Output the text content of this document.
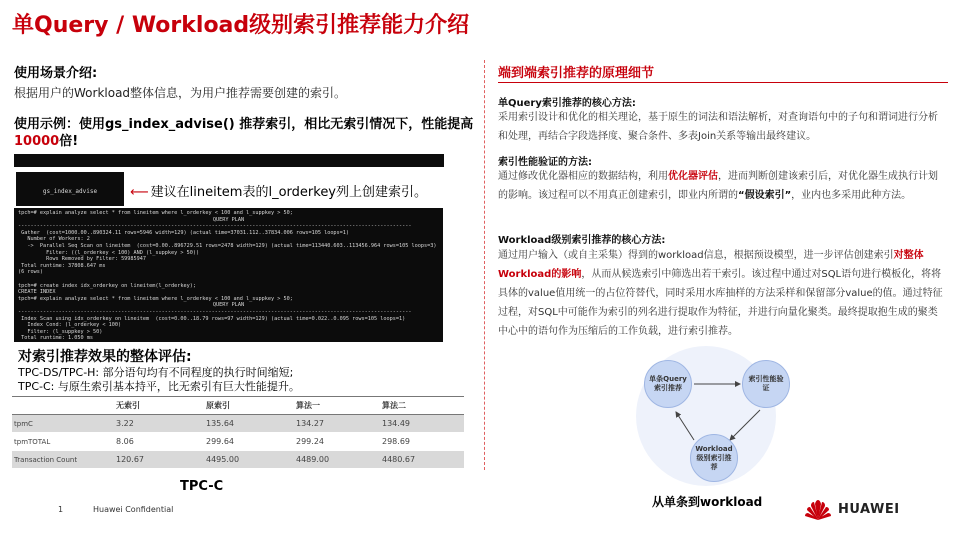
单Query / Workload级别索引推荐能力介绍
使用场景介绍:
根据用户的Workload整体信息，为用户推荐需要创建的索引。
使用示例：使用gs_index_advise() 推荐索引，相比无索引情况下，性能提高10000倍!

gs_index_advise

	⟵ 建议在lineitem表的l_orderkey列上创建索引。
tpch=# explain analyze select * from lineitem where l_orderkey < 100 and l_suppkey > 50;
QUERY PLAN
------------------------------------------------------------------------------------------------------------------------------
Gather  (cost=1000.00..890324.11 rows=5946 width=129) (actual time=37031.112..37834.006 rows=105 loops=1)
Number of Workers: 2
->  Parallel Seq Scan on lineitem  (cost=0.00..896729.51 rows=2478 width=129) (actual time=113440.603..113456.964 rows=105 loops=3)
Filter: ((l_orderkey < 100) AND (l_suppkey > 50))
Rows Removed by Filter: 59985947
Total runtime: 37808.647 ms
(6 rows)

tpch=# create index idx_orderkey on lineitem(l_orderkey);
CREATE INDEX
tpch=# explain analyze select * from lineitem where l_orderkey < 100 and l_suppkey > 50;
QUERY PLAN
------------------------------------------------------------------------------------------------------------------------------
Index Scan using idx_orderkey on lineitem  (cost=0.00..18.79 rows=97 width=129) (actual time=0.022..0.095 rows=105 loops=1)
Index Cond: (l_orderkey < 100)
Filter: (l_suppkey > 50)
Total runtime: 1.050 ms
对索引推荐效果的整体评估:
TPC-DS/TPC-H: 部分语句均有不同程度的执行时间缩短;
TPC-C: 与原生索引基本持平，比无索引有巨大性能提升。
	无索引	原索引	算法一	算法二
tpmC	3.22	135.64	134.27	134.49
tpmTOTAL	8.06	299.64	299.24	298.69
Transaction Count	120.67	4495.00	4489.00	4480.67
TPC-C
1	Huawei Confidential
端到端索引推荐的原理细节
单Query索引推荐的核心方法:
采用索引设计和优化的相关理论，基于原生的词法和语法解析，对查询语句中的子句和谓词进行分析和处理，再结合字段选择度、聚合条件、多表Join关系等输出最终建议。
索引性能验证的方法:
通过修改优化器相应的数据结构，利用优化器评估，进而判断创建该索引后，对优化器生成执行计划的影响。该过程可以不用真正创建索引，即业内所谓的“假设索引”，业内也多采用此种方法。
Workload级别索引推荐的核心方法:
通过用户输入（或自主采集）得到的workload信息，根据预设模型，进一步评估创建索引对整体Workload的影响，从而从候选索引中筛选出若干索引。该过程中通过对SQL语句进行模板化，将将具体的value值用统一的占位符替代，同时采用水库抽样的方法采样和保留部分value的值。通过特征过程，对SQL中可能作为索引的列名进行提取作为特征，并进行向量化聚类。最终提取抱生成的聚类中心中的语句作为压缩后的工作负载，进行索引推荐。
单条Query索引推荐
索引性能验证
Workload级别索引推荐
从单条到workload	HUAWEI
